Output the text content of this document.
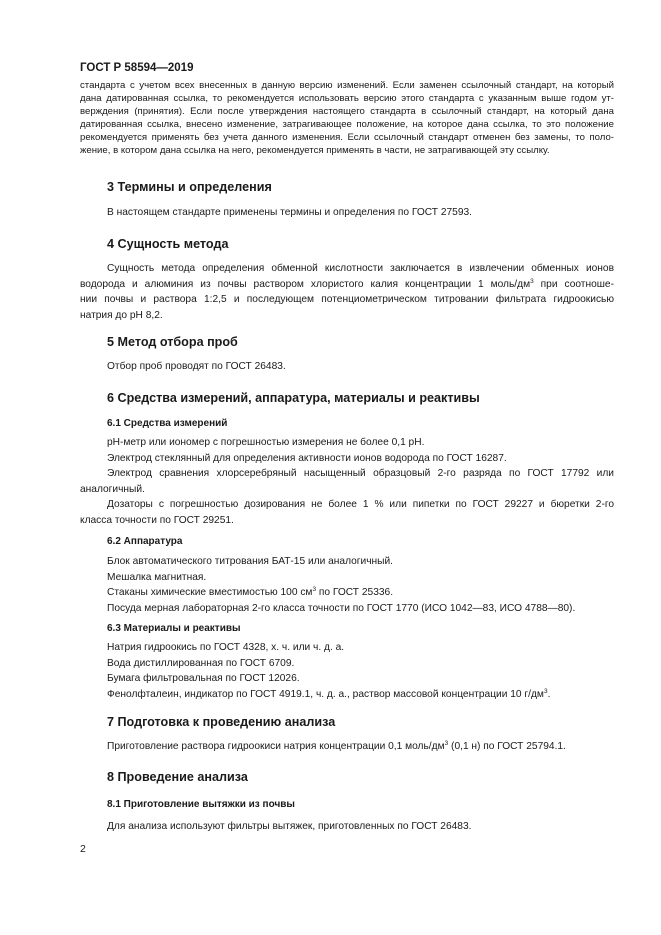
ГОСТ Р 58594—2019
стандарта с учетом всех внесенных в данную версию изменений. Если заменен ссылочный стандарт, на который
дана датированная ссылка, то рекомендуется использовать версию этого стандарта с указанным выше годом ут-
верждения (принятия). Если после утверждения настоящего стандарта в ссылочный стандарт, на который дана
датированная ссылка, внесено изменение, затрагивающее положение, на которое дана ссылка, то это положение
рекомендуется применять без учета данного изменения. Если ссылочный стандарт отменен без замены, то поло-
жение, в котором дана ссылка на него, рекомендуется применять в части, не затрагивающей эту ссылку.
3 Термины и определения
В настоящем стандарте применены термины и определения по ГОСТ 27593.
4 Сущность метода
Сущность метода определения обменной кислотности заключается в извлечении обменных ионов
водорода и алюминия из почвы раствором хлористого калия концентрации 1 моль/$дм^3$ при соотноше-
нии почвы и раствора 1:2,5 и последующем потенциометрическом титровании фильтрата гидроокисью
натрия до pH 8,2.
5 Метод отбора проб
Отбор проб проводят по ГОСТ 26483.
6 Средства измерений, аппаратура, материалы и реактивы
6.1 Средства измерений
pH-метр или иономер с погрешностью измерения не более 0,1 pH.
Электрод стеклянный для определения активности ионов водорода по ГОСТ 16287.
Электрод сравнения хлорсеребряный насыщенный образцовый 2-го разряда по ГОСТ 17792 или
аналогичный.
Дозаторы с погрешностью дозирования не более 1 % или пипетки по ГОСТ 29227 и бюретки 2-го
класса точности по ГОСТ 29251.
6.2 Аппаратура
Блок автоматического титрования БАТ-15 или аналогичный.
Мешалка магнитная.
Стаканы химические вместимостью 100 $см^3$ по ГОСТ 25336.
Посуда мерная лабораторная 2-го класса точности по ГОСТ 1770 (ИСО 1042—83, ИСО 4788—80).
6.3 Материалы и реактивы
Натрия гидроокись по ГОСТ 4328, х. ч. или ч. д. а.
Вода дистиллированная по ГОСТ 6709.
Бумага фильтровальная по ГОСТ 12026.
Фенолфталеин, индикатор по ГОСТ 4919.1, ч. д. а., раствор массовой концентрации 10 $г/дм^3$.
7 Подготовка к проведению анализа
Приготовление раствора гидроокиси натрия концентрации 0,1 моль/$дм^3$ (0,1 н) по ГОСТ 25794.1.
8 Проведение анализа
8.1 Приготовление вытяжки из почвы
Для анализа используют фильтры вытяжек, приготовленных по ГОСТ 26483.
2
